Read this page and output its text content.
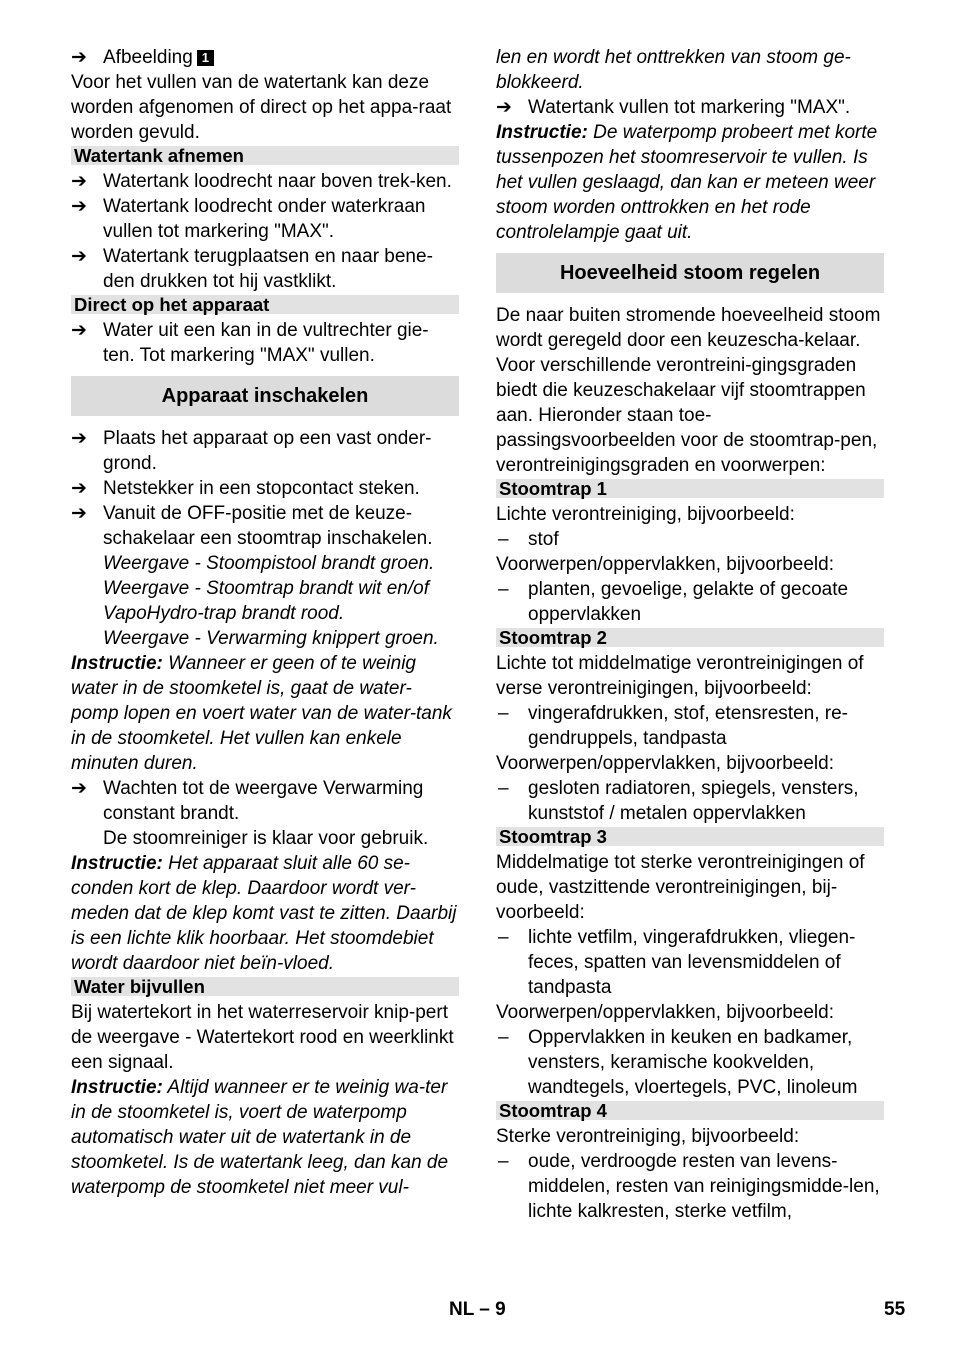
➔ Afbeelding 1

Voor het vullen van de watertank kan deze worden afgenomen of direct op het appa-raat worden gevuld.

Watertank afnemen
➔ Watertank loodrecht naar boven trek-ken.
➔ Watertank loodrecht onder waterkraan vullen tot markering "MAX".
➔ Watertank terugplaatsen en naar bene-den drukken tot hij vastklikt.
Direct op het apparaat
➔ Water uit een kan in de vultrechter gie-ten. Tot markering "MAX" vullen.
Apparaat inschakelen
➔ Plaats het apparaat op een vast onder-grond.
➔ Netstekker in een stopcontact steken.
➔ Vanuit de OFF-positie met de keuze-schakelaar een stoomtrap inschakelen.
Weergave - Stoompistool brandt groen.
Weergave - Stoomtrap brandt wit en/of VapoHydro-trap brandt rood.
Weergave - Verwarming knippert groen.

Instructie: Wanneer er geen of te weinig water in de stoomketel is, gaat de water-pomp lopen en voert water van de water-tank in de stoomketel. Het vullen kan enkele minuten duren.

➔ Wachten tot de weergave Verwarming constant brandt.
De stoomreiniger is klaar voor gebruik.

Instructie: Het apparaat sluit alle 60 se-conden kort de klep. Daardoor wordt ver-meden dat de klep komt vast te zitten. Daarbij is een lichte klik hoorbaar. Het stoomdebiet wordt daardoor niet beïn-vloed.

Water bijvullen

Bij watertekort in het waterreservoir knip-pert de weergave - Watertekort rood en weerklinkt een signaal.

Instructie: Altijd wanneer er te weinig wa-ter in de stoomketel is, voert de waterpomp automatisch water uit de watertank in de stoomketel. Is de watertank leeg, dan kan de waterpomp de stoomketel niet meer vul-

len en wordt het onttrekken van stoom ge-blokkeerd.

➔ Watertank vullen tot markering "MAX".

Instructie: De waterpomp probeert met korte tussenpozen het stoomreservoir te vullen. Is het vullen geslaagd, dan kan er meteen weer stoom worden onttrokken en het rode controlelampje gaat uit.

Hoeveelheid stoom regelen

De naar buiten stromende hoeveelheid stoom wordt geregeld door een keuzescha-kelaar. Voor verschillende verontreini-gingsgraden biedt die keuzeschakelaar vijf stoomtrappen aan. Hieronder staan toe-passingsvoorbeelden voor de stoomtrap-pen, verontreinigingsgraden en voorwerpen:

Stoomtrap 1

Lichte verontreiniging, bijvoorbeeld:

–	stof

Voorwerpen/oppervlakken, bijvoorbeeld:

–	planten, gevoelige, gelakte of gecoate oppervlakken
Stoomtrap 2

Lichte tot middelmatige verontreinigingen of verse verontreinigingen, bijvoorbeeld:

–	vingerafdrukken, stof, etensresten, re-gendruppels, tandpasta

Voorwerpen/oppervlakken, bijvoorbeeld:

–	gesloten radiatoren, spiegels, vensters, kunststof / metalen oppervlakken
Stoomtrap 3

Middelmatige tot sterke verontreinigingen of oude, vastzittende verontreinigingen, bij-voorbeeld:

–	lichte vetfilm, vingerafdrukken, vliegen-feces, spatten van levensmiddelen of tandpasta

Voorwerpen/oppervlakken, bijvoorbeeld:

–	Oppervlakken in keuken en badkamer, vensters, keramische kookvelden, wandtegels, vloertegels, PVC, linoleum
Stoomtrap 4

Sterke verontreiniging, bijvoorbeeld:

–	oude, verdroogde resten van levens-middelen, resten van reinigingsmidde-len, lichte kalkresten, sterke vetfilm,
NL – 9	55
